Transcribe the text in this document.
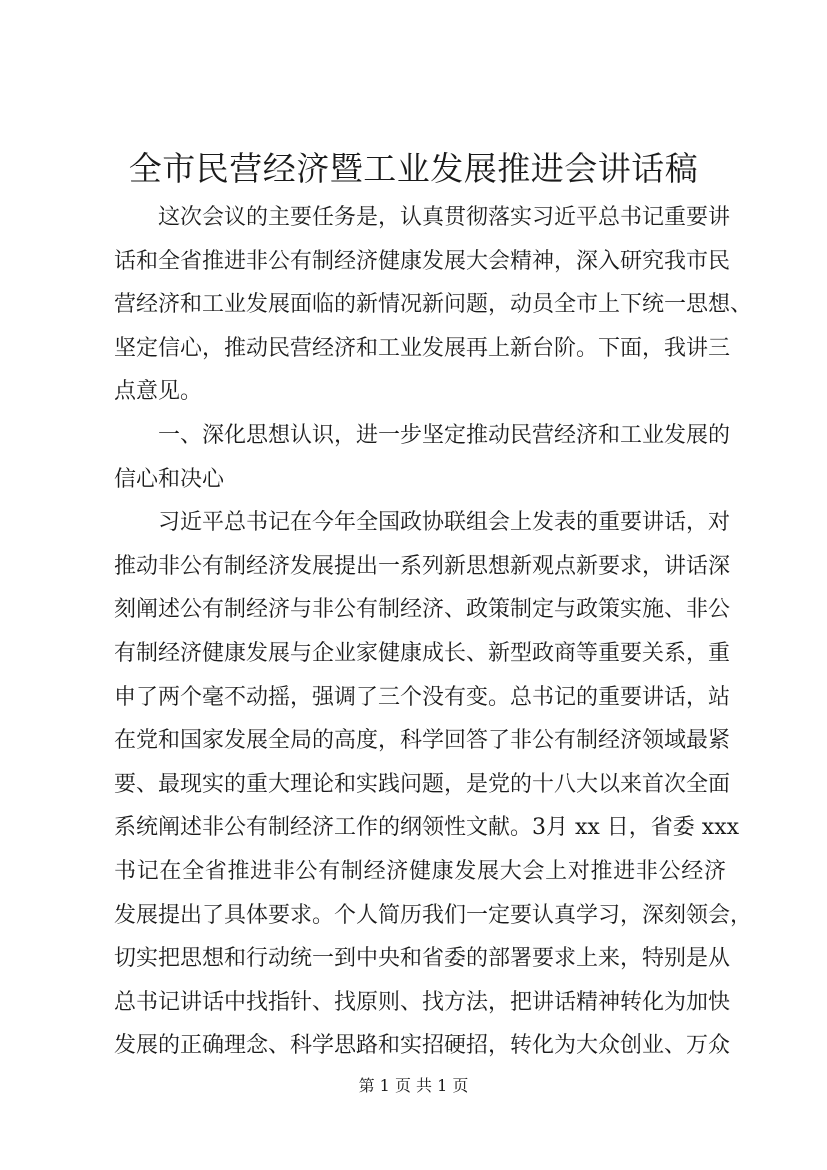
全市民营经济暨工业发展推进会讲话稿
这次会议的主要任务是，认真贯彻落实习近平总书记重要讲
话和全省推进非公有制经济健康发展大会精神，深入研究我市民
营经济和工业发展面临的新情况新问题，动员全市上下统一思想、
坚定信心，推动民营经济和工业发展再上新台阶。下面，我讲三
点意见。
一、深化思想认识，进一步坚定推动民营经济和工业发展的
信心和决心
习近平总书记在今年全国政协联组会上发表的重要讲话，对
推动非公有制经济发展提出一系列新思想新观点新要求，讲话深
刻阐述公有制经济与非公有制经济、政策制定与政策实施、非公
有制经济健康发展与企业家健康成长、新型政商等重要关系，重
申了两个毫不动摇，强调了三个没有变。总书记的重要讲话，站
在党和国家发展全局的高度，科学回答了非公有制经济领域最紧
要、最现实的重大理论和实践问题，是党的十八大以来首次全面
系统阐述非公有制经济工作的纲领性文献。3月 xx 日，省委 xxx
书记在全省推进非公有制经济健康发展大会上对推进非公经济
发展提出了具体要求。个人简历我们一定要认真学习，深刻领会，
切实把思想和行动统一到中央和省委的部署要求上来，特别是从
总书记讲话中找指针、找原则、找方法，把讲话精神转化为加快
发展的正确理念、科学思路和实招硬招，转化为大众创业、万众
第 1 页 共 1 页
